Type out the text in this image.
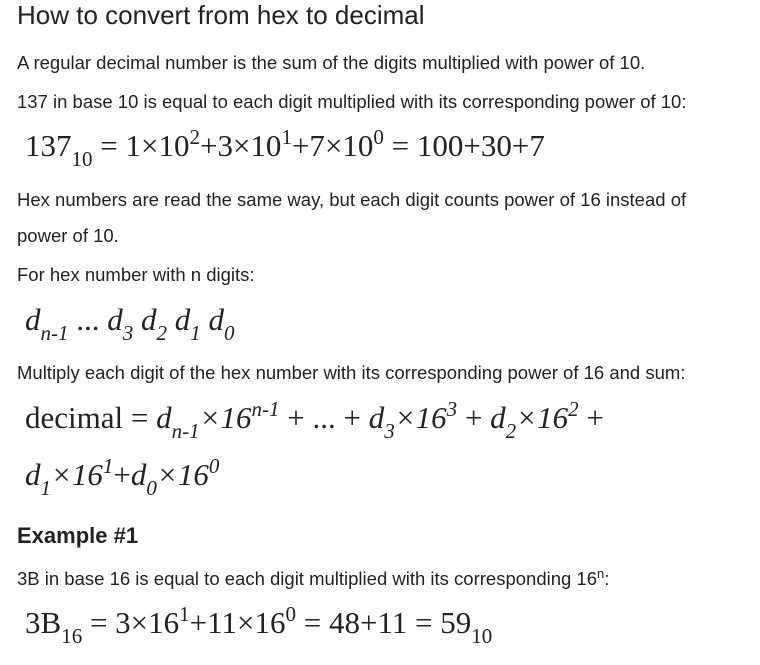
How to convert from hex to decimal
A regular decimal number is the sum of the digits multiplied with power of 10.
137 in base 10 is equal to each digit multiplied with its corresponding power of 10:
$137_{10} = 1\times 10^2+3\times 10^1+7\times 10^0 = 100+30+7$
Hex numbers are read the same way, but each digit counts power of 16 instead of
power of 10.
For hex number with n digits:
$d_{n-1}$ ... $d_3$ $d_2$ $d_1$ $d_0$
Multiply each digit of the hex number with its corresponding power of 16 and sum:
decimal = $d_{n-1}\times 16^{n-1}$ + ... + $d_3\times 16^3 + d_2\times 16^2$ +
$d_1\times 16^1+d_0\times 16^0$
Example #1
3B in base 16 is equal to each digit multiplied with its corresponding 16$^n$:
$3B_{16} = 3\times 16^1+11\times 16^0 = 48+11 = 59_{10}$
